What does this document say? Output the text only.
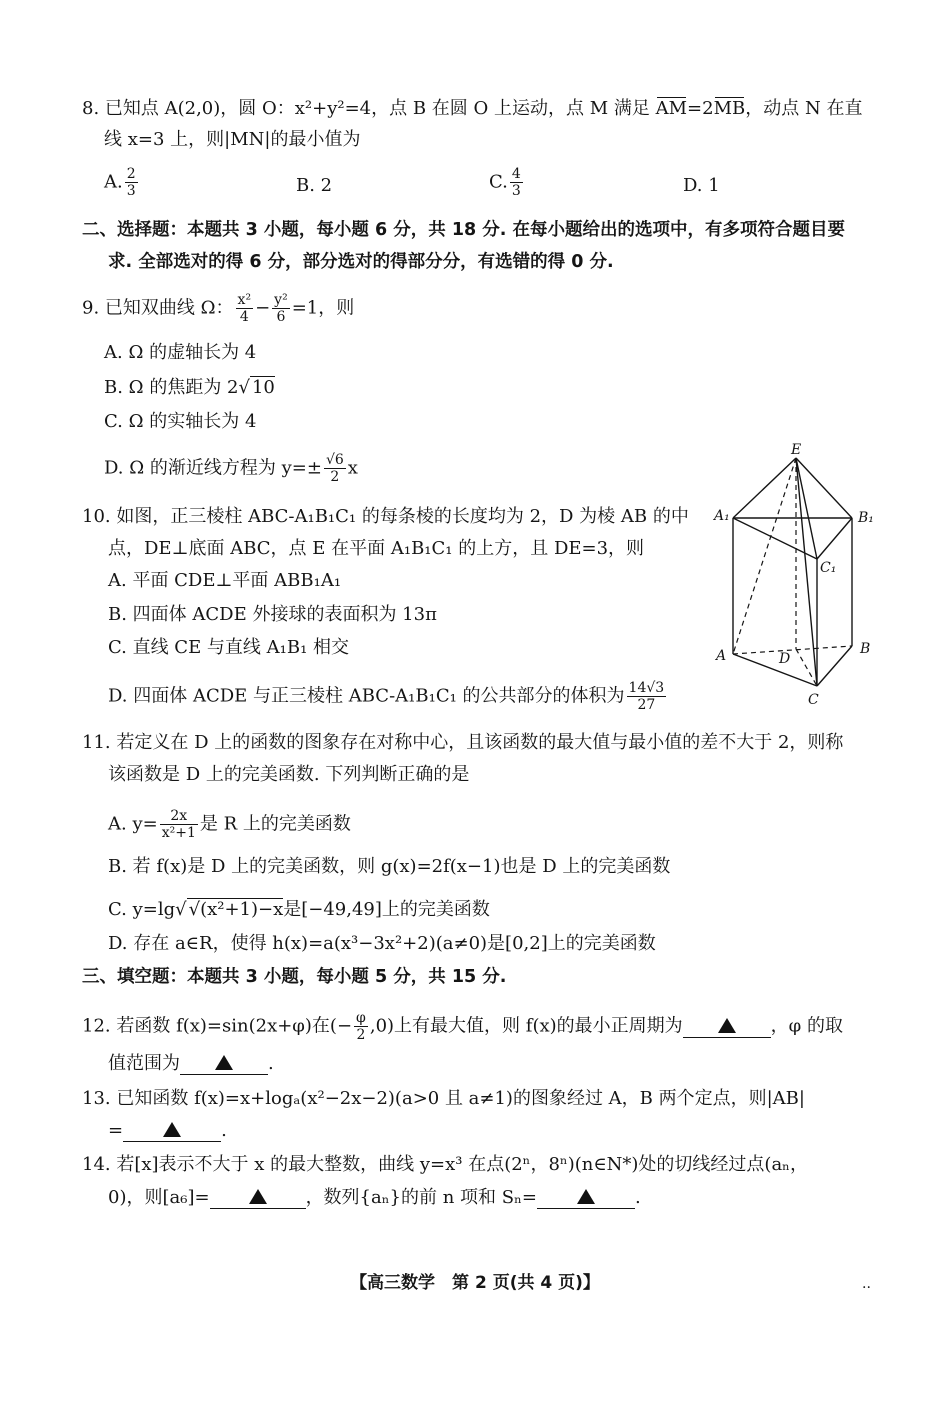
8. 已知点 A(2,0)，圆 O：x²+y²=4，点 B 在圆 O 上运动，点 M 满足 AM=2MB，动点 N 在直
线 x=3 上，则|MN|的最小值为
A. $\frac{2}{3}$	B. 2	C. $\frac{4}{3}$	D. 1
二、选择题：本题共 3 小题，每小题 6 分，共 18 分. 在每小题给出的选项中，有多项符合题目要
求. 全部选对的得 6 分，部分选对的得部分分，有选错的得 0 分.
9. 已知双曲线 Ω： $\frac{\text{x²}}{4} - \frac{\text{y²}}{6} =1$，则
A. Ω 的虚轴长为 4
B. Ω 的焦距为 2√ 10
C. Ω 的实轴长为 4
D. Ω 的渐近线方程为 $y=\pm \frac{√6}{2}$ x
10. 如图，正三棱柱 ABC-A₁B₁C₁ 的每条棱的长度均为 2，D 为棱 AB 的中
点，DE⊥底面 ABC，点 E 在平面 A₁B₁C₁ 的上方，且 DE=3，则
A. 平面 CDE⊥平面 ABB₁A₁
B. 四面体 ACDE 外接球的表面积为 13π
C. 直线 CE 与直线 A₁B₁ 相交
D. 四面体 ACDE 与正三棱柱 ABC-A₁B₁C₁ 的公共部分的体积为 $\frac{14√3}{27}$
E
A₁	B₁
C₁
A	B
D
C
11. 若定义在 D 上的函数的图象存在对称中心，且该函数的最大值与最小值的差不大于 2，则称
该函数是 D 上的完美函数. 下列判断正确的是
A. $y= \frac{2x}{\text{x²+1}}$ 是 R 上的完美函数
B. 若 f(x)是 D 上的完美函数，则 g(x)=2f(x−1)也是 D 上的完美函数
C. y=lg√ √(x²+1)−x是[−49,49]上的完美函数
D. 存在 a∈R，使得 h(x)=a(x³−3x²+2)(a≠0)是[0,2]上的完美函数
三、填空题：本题共 3 小题，每小题 5 分，共 15 分.
12. 若函数 f(x)=sin(2x+φ)在(− $\frac{\varphi}{2} ,0$)上有最大值，则 f(x)的最小正周期为	，φ 的取
值范围为	.
13. 已知函数 f(x)=x+logₐ(x²−2x−2)(a>0 且 a≠1)的图象经过 A，B 两个定点，则|AB|
=	.
14. 若[x]表示不大于 x 的最大整数，曲线 y=x³ 在点(2ⁿ，8ⁿ)(n∈N*)处的切线经过点(aₙ，
0)，则[a₆]=	，数列{aₙ}的前 n 项和 Sₙ=	.
【高三数学　第 2 页(共 4 页)】	..
